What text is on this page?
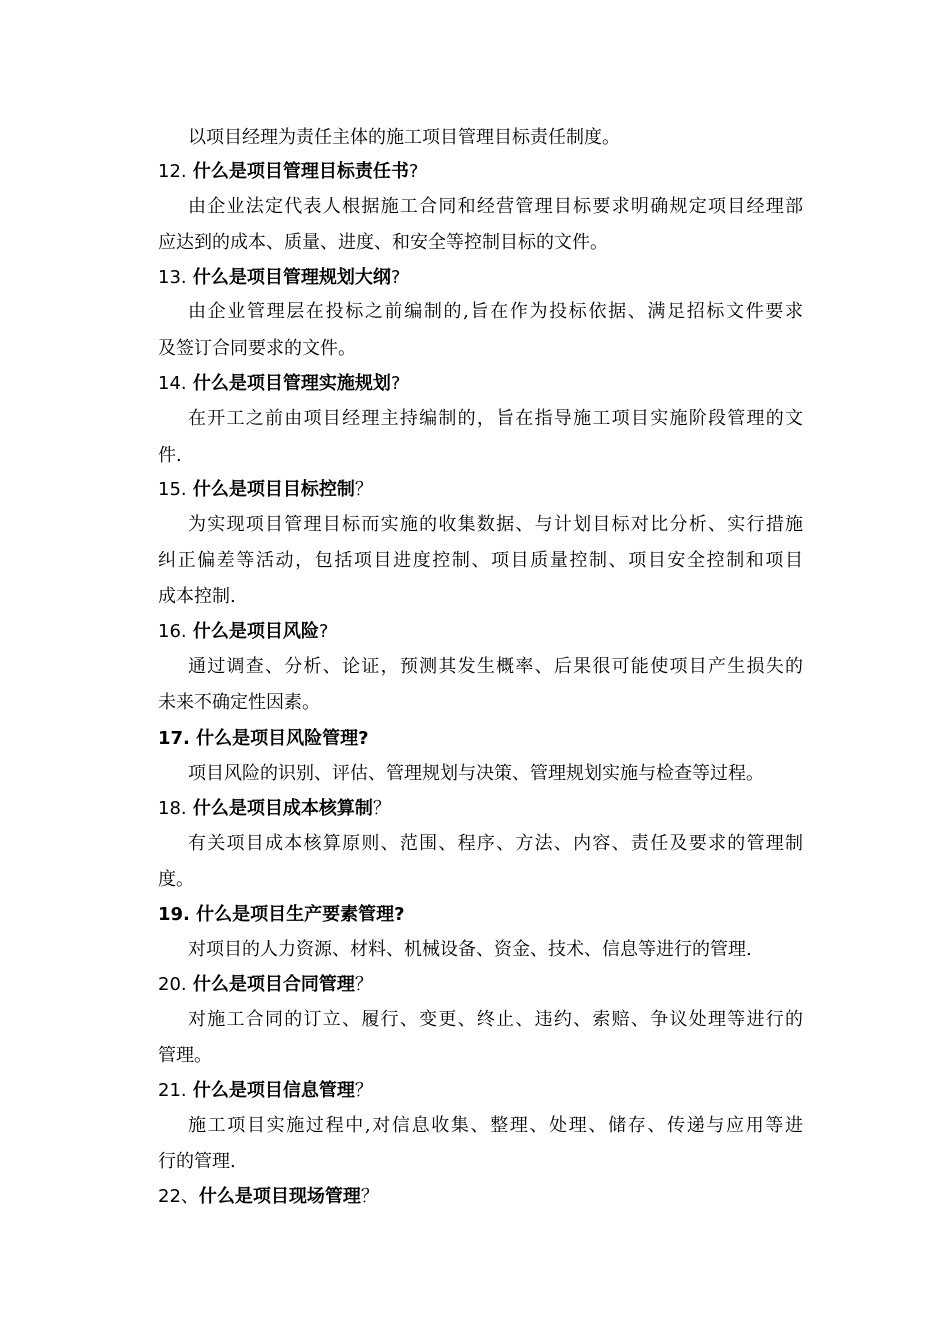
以项目经理为责任主体的施工项目管理目标责任制度。
12. 什么是项目管理目标责任书?
由企业法定代表人根据施工合同和经营管理目标要求明确规定项目经理部
应达到的成本、质量、进度、和安全等控制目标的文件。
13. 什么是项目管理规划大纲?
由企业管理层在投标之前编制的,旨在作为投标依据、满足招标文件要求
及签订合同要求的文件。
14. 什么是项目管理实施规划?
在开工之前由项目经理主持编制的，旨在指导施工项目实施阶段管理的文
件.
15. 什么是项目目标控制？
为实现项目管理目标而实施的收集数据、与计划目标对比分析、实行措施
纠正偏差等活动，包括项目进度控制、项目质量控制、项目安全控制和项目
成本控制.
16. 什么是项目风险?
通过调查、分析、论证，预测其发生概率、后果很可能使项目产生损失的
未来不确定性因素。
17. 什么是项目风险管理?
项目风险的识别、评估、管理规划与决策、管理规划实施与检查等过程。
18. 什么是项目成本核算制？
有关项目成本核算原则、范围、程序、方法、内容、责任及要求的管理制
度。
19. 什么是项目生产要素管理?
对项目的人力资源、材料、机械设备、资金、技术、信息等进行的管理.
20. 什么是项目合同管理？
对施工合同的订立、履行、变更、终止、违约、索赔、争议处理等进行的
管理。
21. 什么是项目信息管理？
施工项目实施过程中,对信息收集、整理、处理、储存、传递与应用等进
行的管理.
22、什么是项目现场管理？
